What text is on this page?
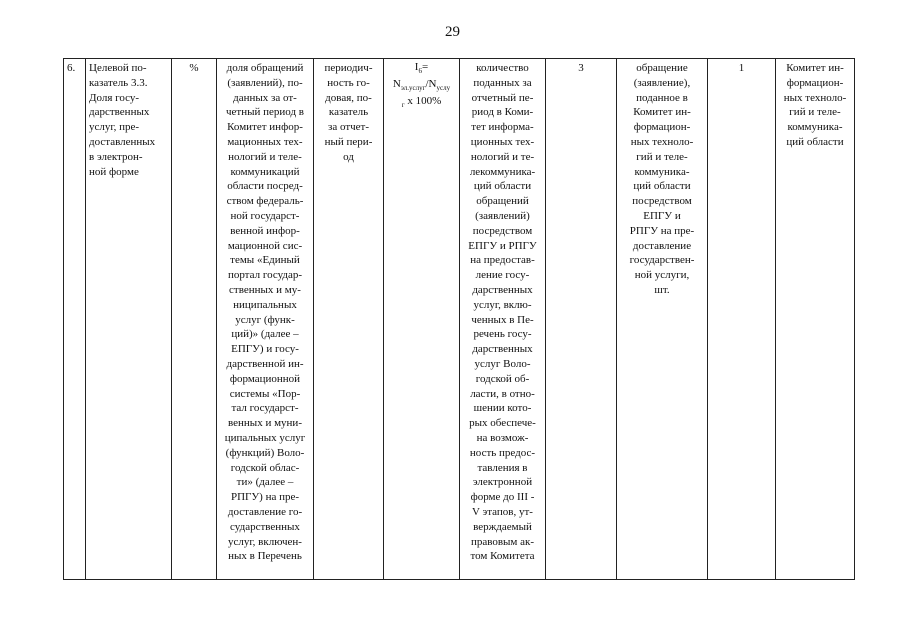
29
6.	Целевой по-
казатель 3.3.
Доля госу-
дарственных
услуг, пре-
доставленных
в электрон-
ной форме	%	доля обращений
(заявлений), по-
данных за от-
четный период в
Комитет инфор-
мационных тех-
нологий и теле-
коммуникаций
области посред-
ством федераль-
ной государст-
венной инфор-
мационной сис-
темы «Единый
портал государ-
ственных и му-
ниципальных
услуг (функ-
ций)» (далее –
ЕПГУ) и госу-
дарственной ин-
формационной
системы «Пор-
тал государст-
венных и муни-
ципальных услуг
(функций) Воло-
годской облас-
ти» (далее –
РПГУ) на пре-
доставление го-
сударственных
услуг, включен-
ных в Перечень	периодич-
ность го-
довая, по-
казатель
за отчет-
ный пери-
од	
$I_6=$
$N_{эл.услуг}/N_{услу}$
$_г$ x 100%
	количество
поданных за
отчетный пе-
риод в Коми-
тет информа-
ционных тех-
нологий и те-
лекоммуника-
ций области
обращений
(заявлений)
посредством
ЕПГУ и РПГУ
на предостав-
ление госу-
дарственных
услуг, вклю-
ченных в Пе-
речень госу-
дарственных
услуг Воло-
годской об-
ласти, в отно-
шении кото-
рых обеспече-
на возмож-
ность предос-
тавления в
электронной
форме до III -
V этапов, ут-
верждаемый
правовым ак-
том Комитета	3	обращение
(заявление),
поданное в
Комитет ин-
формацион-
ных техноло-
гий и теле-
коммуника-
ций области
посредством
ЕПГУ и
РПГУ на пре-
доставление
государствен-
ной услуги,
шт.	1	Комитет ин-
формацион-
ных техноло-
гий и теле-
коммуника-
ций области
